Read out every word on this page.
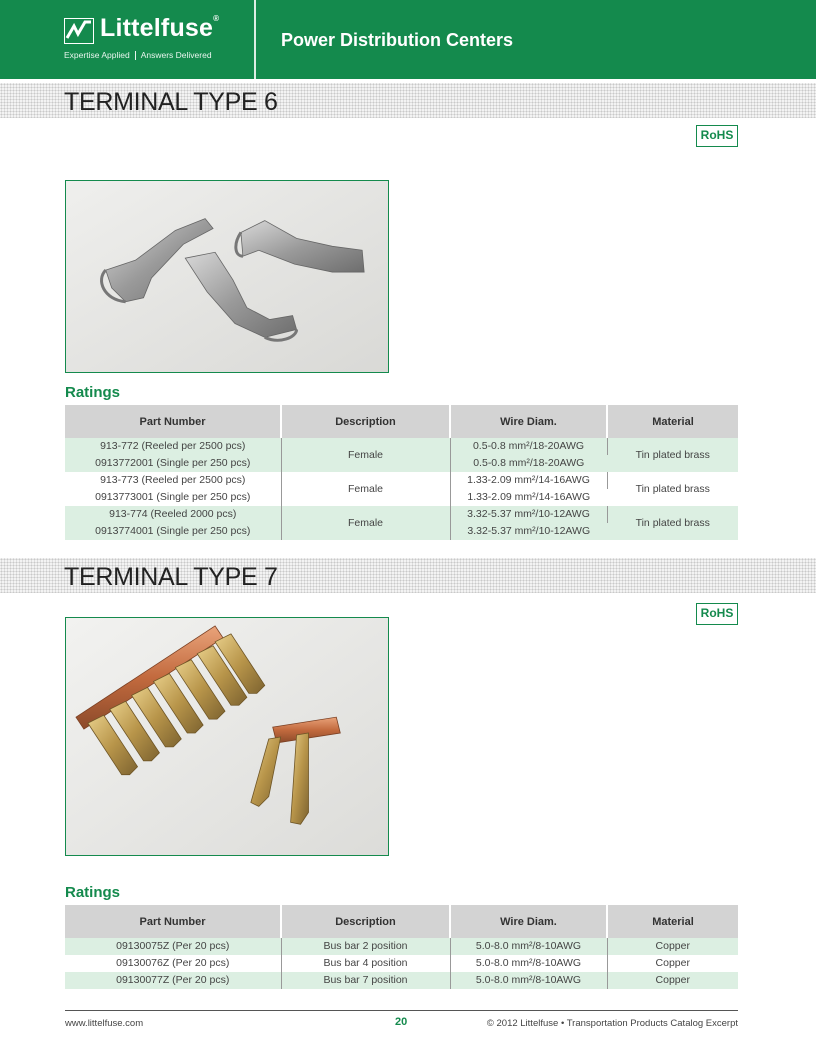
Littelfuse®
Expertise Applied Answers Delivered
Power Distribution Centers
TERMINAL TYPE 6
RoHS
Ratings
Part Number	Description	Wire Diam.	Material
913-772 (Reeled per 2500 pcs)	Female	0.5-0.8 mm²/18-20AWG	Tin plated brass
0913772001 (Single per 250 pcs)		0.5-0.8 mm²/18-20AWG	
913-773 (Reeled per 2500 pcs)	Female	1.33-2.09 mm²/14-16AWG	Tin plated brass
0913773001 (Single per 250 pcs)		1.33-2.09 mm²/14-16AWG	
913-774 (Reeled 2000 pcs)	Female	3.32-5.37 mm²/10-12AWG	Tin plated brass
0913774001 (Single per 250 pcs)		3.32-5.37 mm²/10-12AWG	
TERMINAL TYPE 7
RoHS
Ratings
Part Number	Description	Wire Diam.	Material
09130075Z (Per 20 pcs)	Bus bar 2 position	5.0-8.0 mm²/8-10AWG	Copper
09130076Z (Per 20 pcs)	Bus bar 4 position	5.0-8.0 mm²/8-10AWG	Copper
09130077Z (Per 20 pcs)	Bus bar 7 position	5.0-8.0 mm²/8-10AWG	Copper
www.littelfuse.com	20	© 2012 Littelfuse • Transportation Products Catalog Excerpt
